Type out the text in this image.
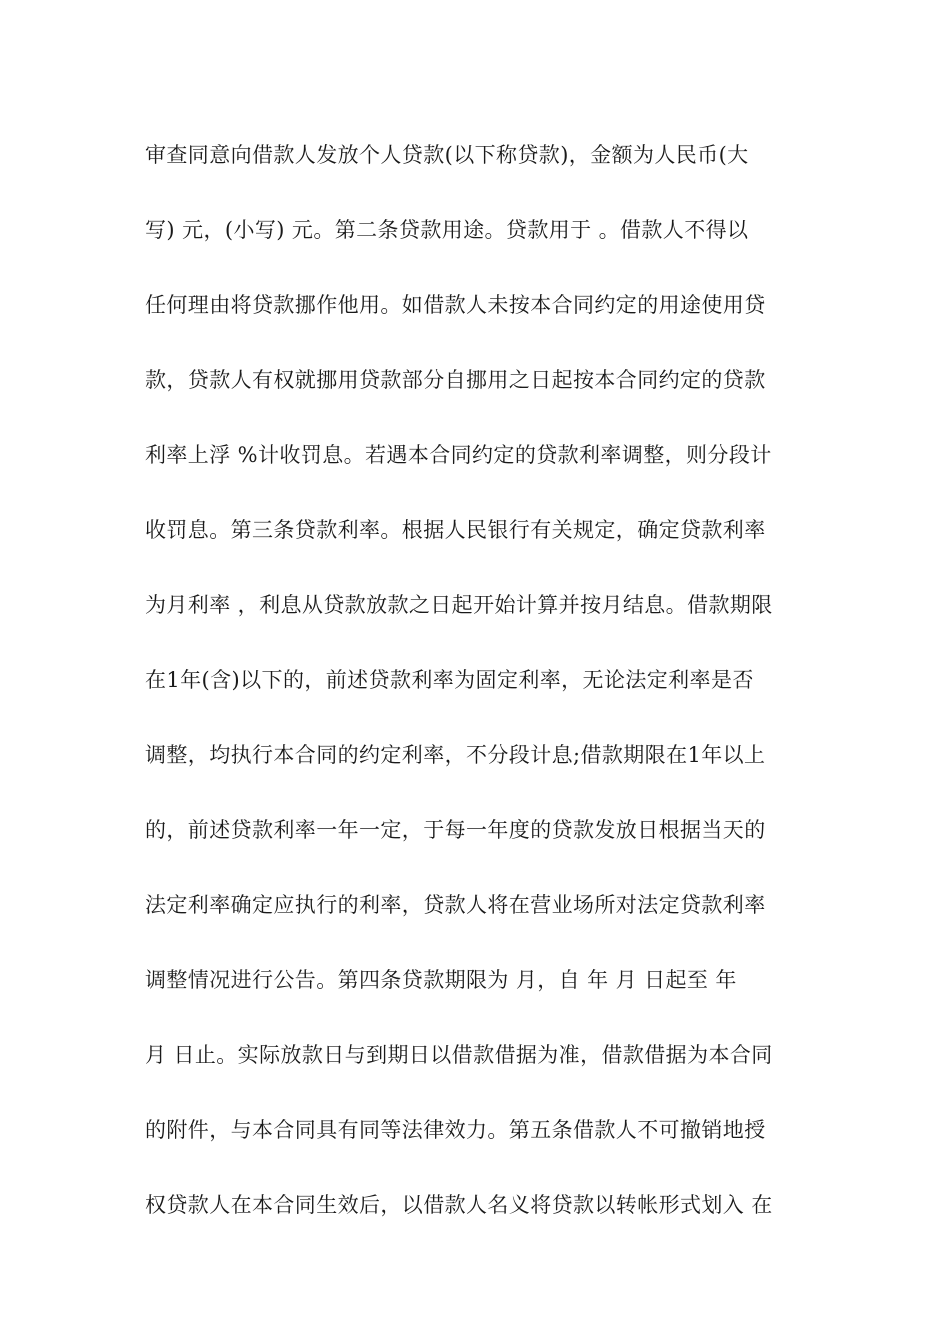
审查同意向借款人发放个人贷款(以下称贷款)，金额为人民币(大
写) 元，(小写) 元。第二条贷款用途。贷款用于 。借款人不得以
任何理由将贷款挪作他用。如借款人未按本合同约定的用途使用贷
款，贷款人有权就挪用贷款部分自挪用之日起按本合同约定的贷款
利率上浮 %计收罚息。若遇本合同约定的贷款利率调整，则分段计
收罚息。第三条贷款利率。根据人民银行有关规定，确定贷款利率
为月利率 ，利息从贷款放款之日起开始计算并按月结息。借款期限
在1年(含)以下的，前述贷款利率为固定利率，无论法定利率是否
调整，均执行本合同的约定利率，不分段计息;借款期限在1年以上
的，前述贷款利率一年一定，于每一年度的贷款发放日根据当天的
法定利率确定应执行的利率，贷款人将在营业场所对法定贷款利率
调整情况进行公告。第四条贷款期限为 月，自 年 月 日起至 年
月 日止。实际放款日与到期日以借款借据为准，借款借据为本合同
的附件，与本合同具有同等法律效力。第五条借款人不可撤销地授
权贷款人在本合同生效后，以借款人名义将贷款以转帐形式划入 在
